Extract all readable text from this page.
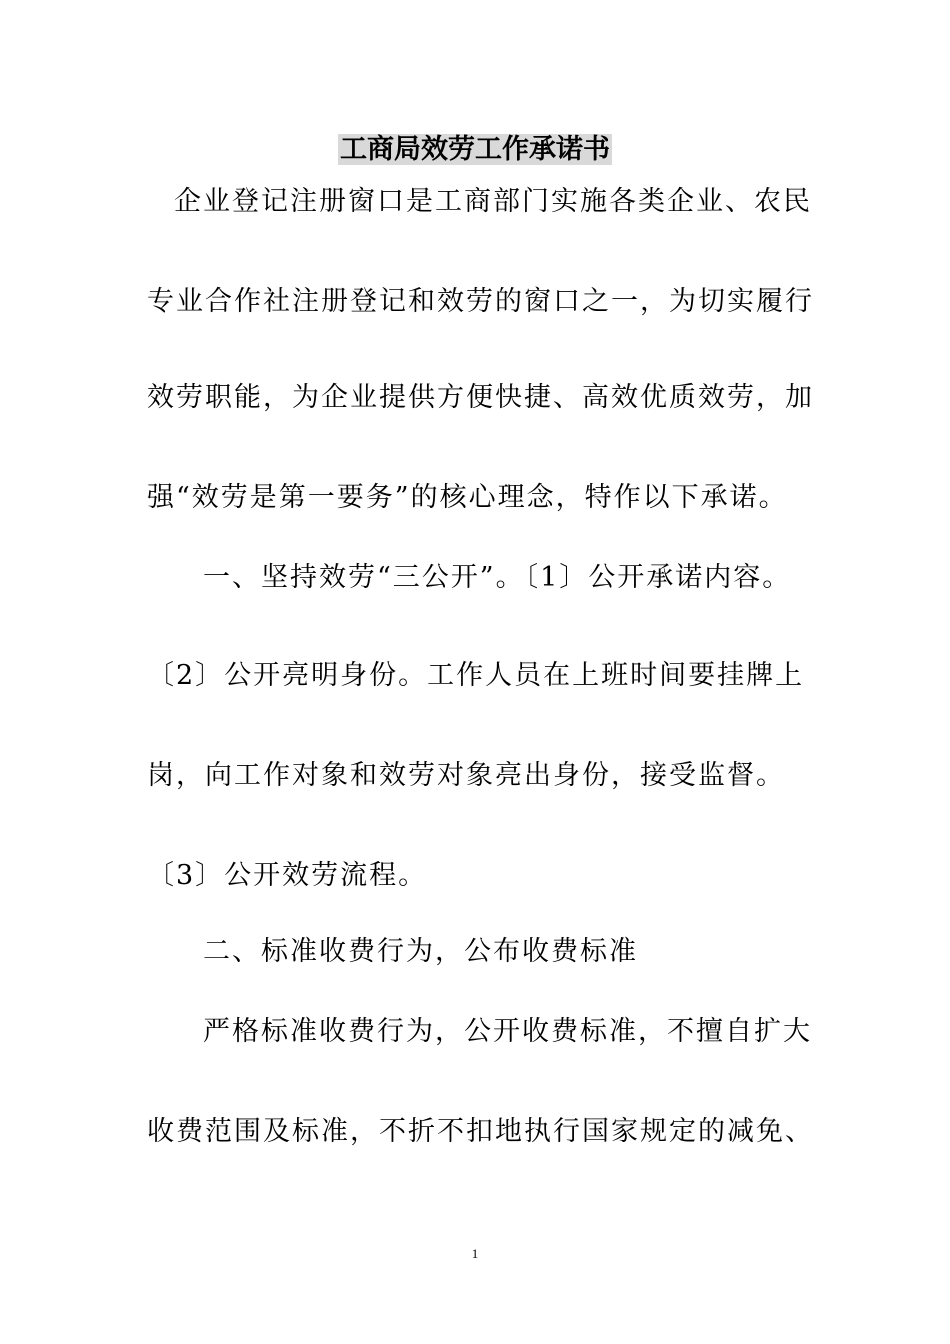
工商局效劳工作承诺书
企业登记注册窗口是工商部门实施各类企业、农民
专业合作社注册登记和效劳的窗口之一，为切实履行
效劳职能，为企业提供方便快捷、高效优质效劳，加
强“效劳是第一要务”的核心理念，特作以下承诺。
一、坚持效劳“三公开”。〔1〕公开承诺内容。
〔2〕公开亮明身份。工作人员在上班时间要挂牌上
岗，向工作对象和效劳对象亮出身份，接受监督。
〔3〕公开效劳流程。
二、标准收费行为，公布收费标准
严格标准收费行为，公开收费标准，不擅自扩大
收费范围及标准，不折不扣地执行国家规定的减免、
1
